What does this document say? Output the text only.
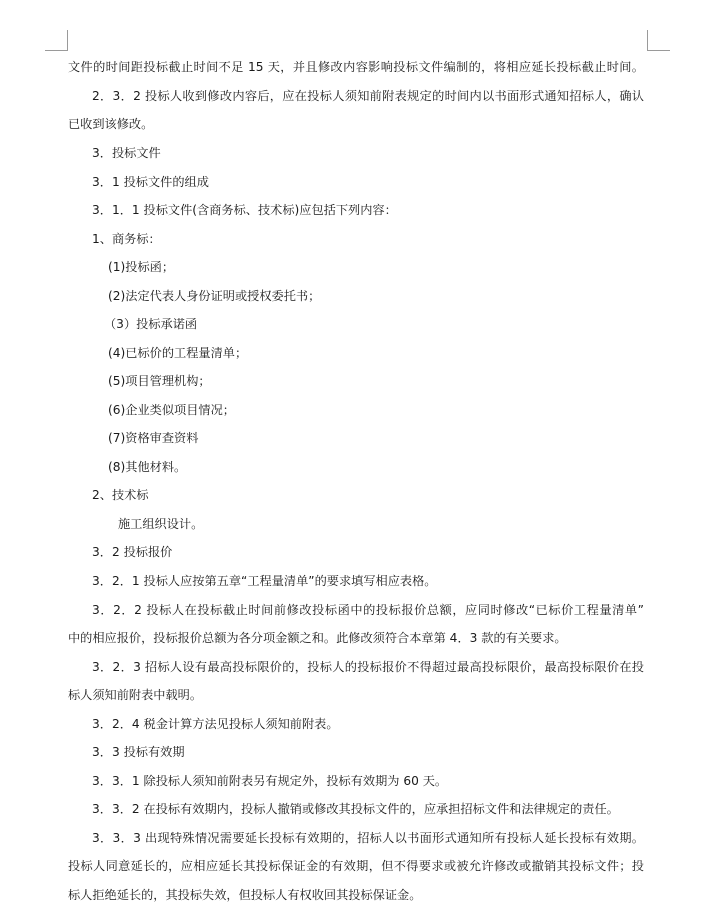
文件的时间距投标截止时间不足 15 天，并且修改内容影响投标文件编制的，将相应延长投标截止时间。
2．3．2 投标人收到修改内容后，应在投标人须知前附表规定的时间内以书面形式通知招标人，确认
已收到该修改。
3．投标文件
3．1 投标文件的组成
3．1．1 投标文件(含商务标、技术标)应包括下列内容：
1、商务标：
(1)投标函；
(2)法定代表人身份证明或授权委托书；
（3）投标承诺函
(4)已标价的工程量清单；
(5)项目管理机构；
(6)企业类似项目情况；
(7)资格审查资料
(8)其他材料。
2、技术标
施工组织设计。
3．2 投标报价
3．2．1 投标人应按第五章“工程量清单”的要求填写相应表格。
3．2．2 投标人在投标截止时间前修改投标函中的投标报价总额，应同时修改“已标价工程量清单”
中的相应报价，投标报价总额为各分项金额之和。此修改须符合本章第 4．3 款的有关要求。
3．2．3 招标人设有最高投标限价的，投标人的投标报价不得超过最高投标限价，最高投标限价在投
标人须知前附表中载明。
3．2．4 税金计算方法见投标人须知前附表。
3．3 投标有效期
3．3．1 除投标人须知前附表另有规定外，投标有效期为 60 天。
3．3．2 在投标有效期内，投标人撤销或修改其投标文件的，应承担招标文件和法律规定的责任。
3．3．3 出现特殊情况需要延长投标有效期的，招标人以书面形式通知所有投标人延长投标有效期。
投标人同意延长的，应相应延长其投标保证金的有效期，但不得要求或被允许修改或撤销其投标文件；投
标人拒绝延长的，其投标失效，但投标人有权收回其投标保证金。
